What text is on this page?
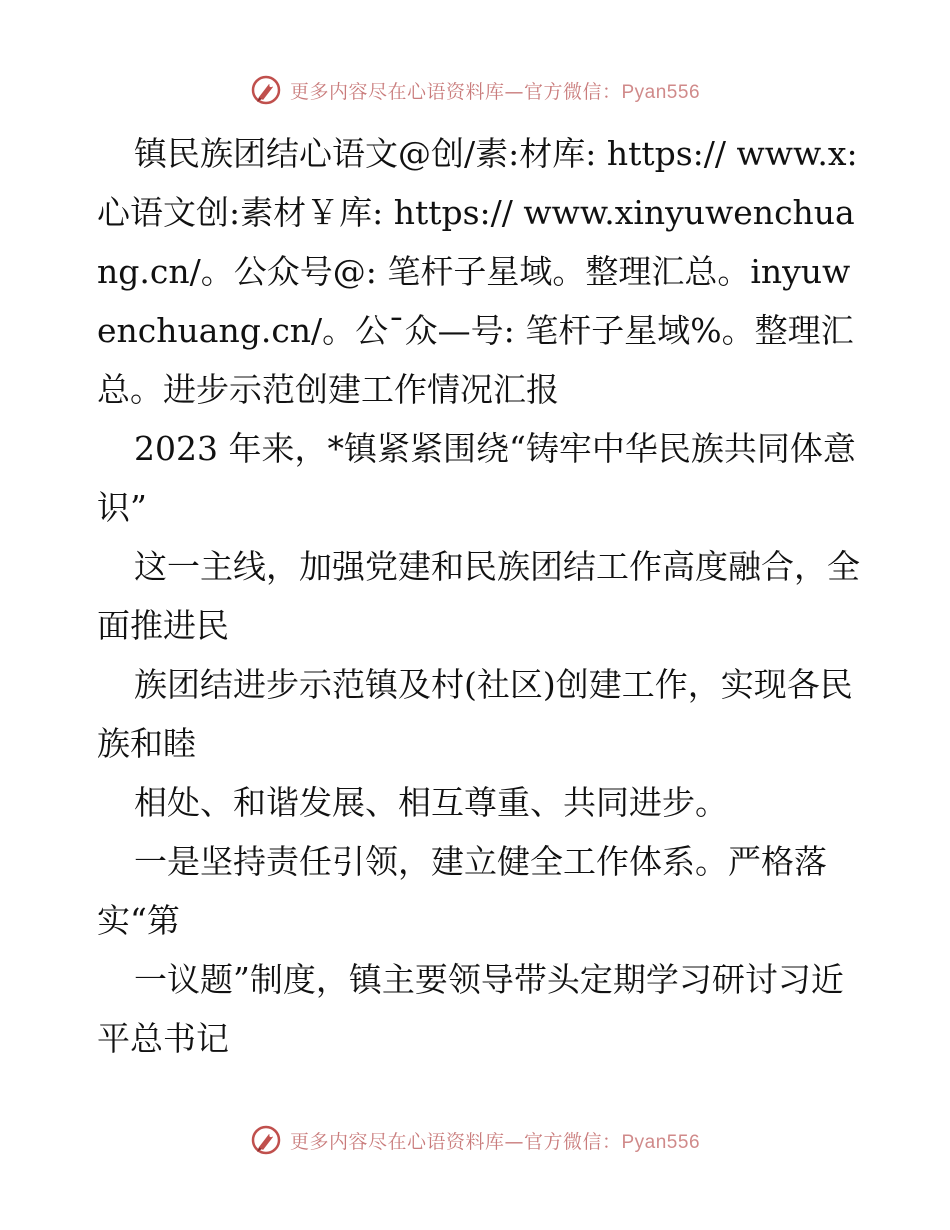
更多内容尽在心语资料库—官方微信：Pyan556

镇民族团结心语文@创/素:材库: https:// www.x:心语文创:素材￥库: https:// www.xinyuwenchuang.cn/。公众号@: 笔杆子星域。整理汇总。inyuwenchuang.cn/。公¯众—号: 笔杆子星域%。整理汇总。进步示范创建工作情况汇报

2023 年来，*镇紧紧围绕“铸牢中华民族共同体意识”

这一主线，加强党建和民族团结工作高度融合，全面推进民

族团结进步示范镇及村(社区)创建工作，实现各民族和睦

相处、和谐发展、相互尊重、共同进步。

一是坚持责任引领，建立健全工作体系。严格落实“第

一议题”制度，镇主要领导带头定期学习研讨习近平总书记

更多内容尽在心语资料库—官方微信：Pyan556
